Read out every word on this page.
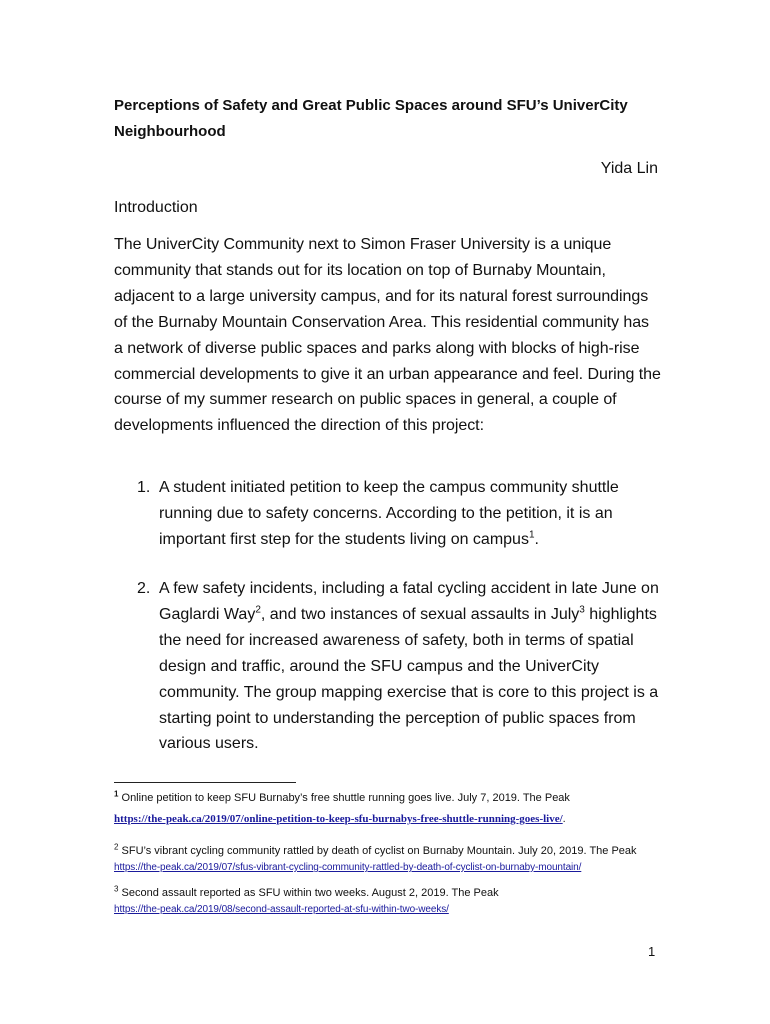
Perceptions of Safety and Great Public Spaces around SFU’s UniverCity
Neighbourhood
Yida Lin
Introduction
The UniverCity Community next to Simon Fraser University is a unique community that stands out for its location on top of Burnaby Mountain, adjacent to a large university campus, and for its natural forest surroundings of the Burnaby Mountain Conservation Area. This residential community has a network of diverse public spaces and parks along with blocks of high-rise commercial developments to give it an urban appearance and feel. During the course of my summer research on public spaces in general, a couple of developments influenced the direction of this project:
1. A student initiated petition to keep the campus community shuttle running due to safety concerns. According to the petition, it is an important first step for the students living on campus$^1$.
2. A few safety incidents, including a fatal cycling accident in late June on Gaglardi Way$^2$, and two instances of sexual assaults in July$^3$ highlights the need for increased awareness of safety, both in terms of spatial design and traffic, around the SFU campus and the UniverCity community. The group mapping exercise that is core to this project is a starting point to understanding the perception of public spaces from various users.
$^1$ Online petition to keep SFU Burnaby’s free shuttle running goes live. July 7, 2019. The Peak
https://the-peak.ca/2019/07/online-petition-to-keep-sfu-burnabys-free-shuttle-running-goes-live/.
$^2$ SFU’s vibrant cycling community rattled by death of cyclist on Burnaby Mountain. July 20, 2019. The Peak
https://the-peak.ca/2019/07/sfus-vibrant-cycling-community-rattled-by-death-of-cyclist-on-burnaby-mountain/
$^3$ Second assault reported as SFU within two weeks. August 2, 2019. The Peak
https://the-peak.ca/2019/08/second-assault-reported-at-sfu-within-two-weeks/
1
